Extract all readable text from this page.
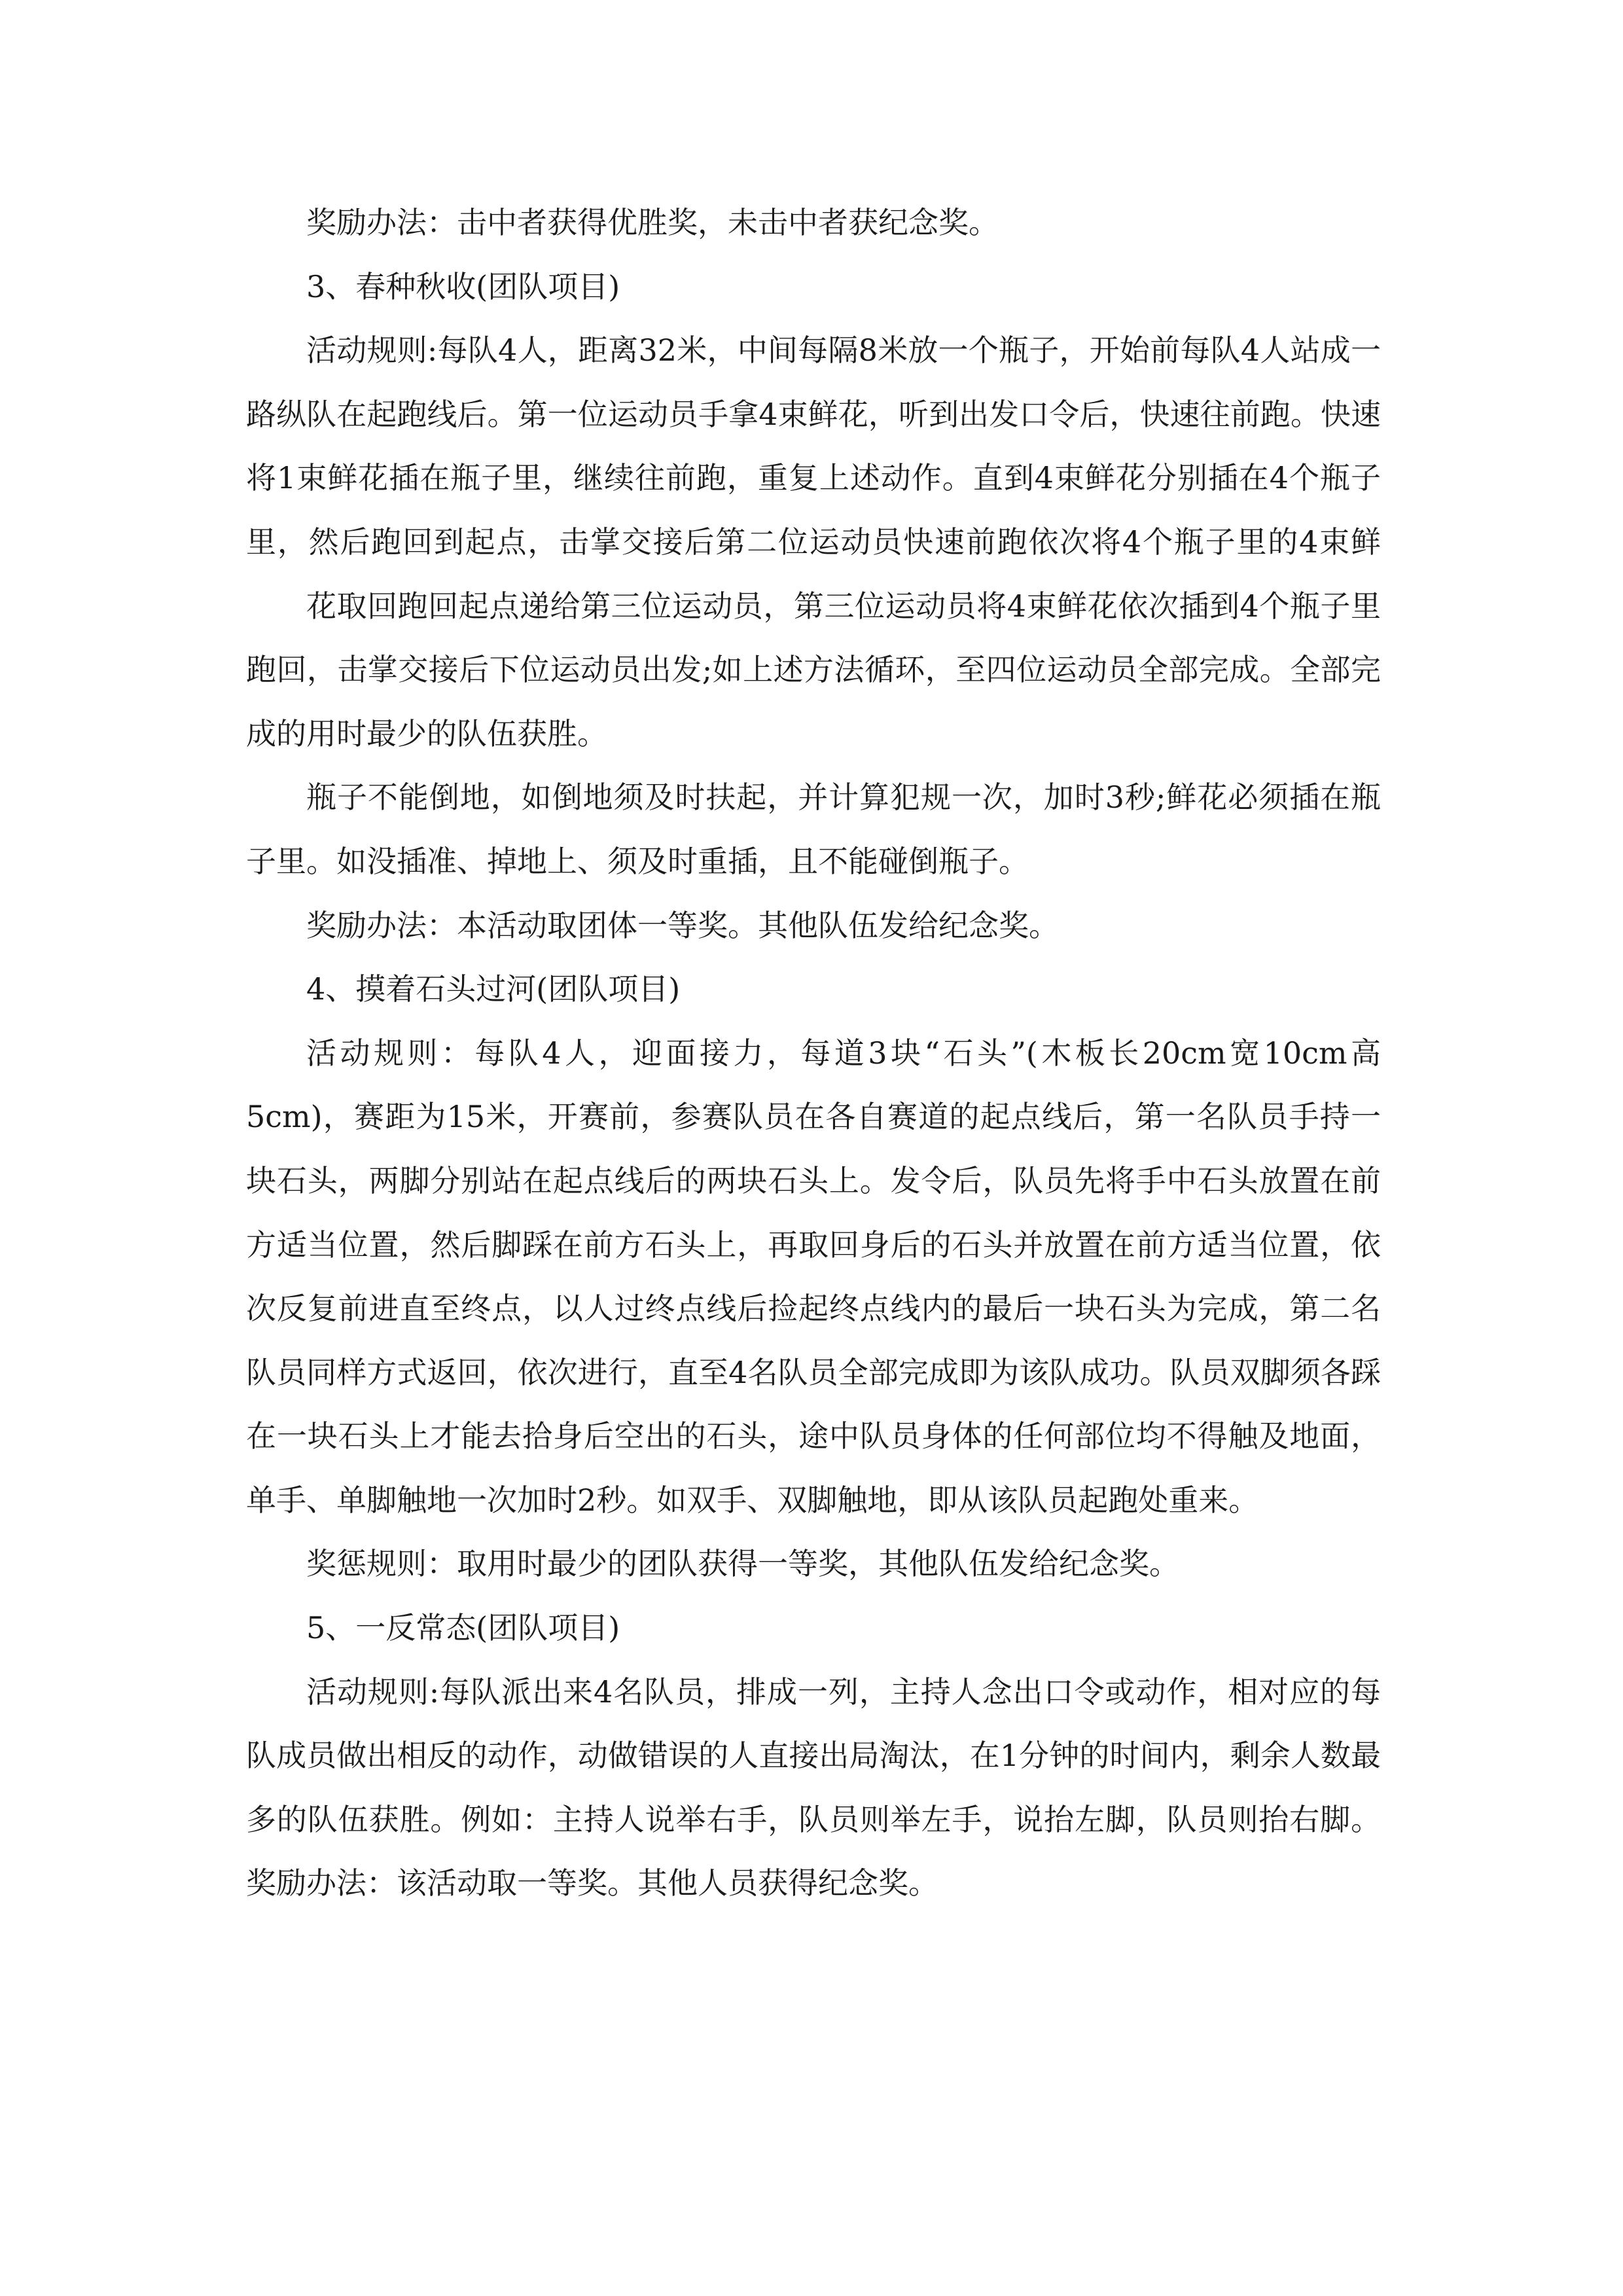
奖励办法：击中者获得优胜奖，未击中者获纪念奖。

3、春种秋收(团队项目)

活动规则:每队4人，距离32米，中间每隔8米放一个瓶子，开始前每队4人站成一路纵队在起跑线后。第一位运动员手拿4束鲜花，听到出发口令后，快速往前跑。快速将1束鲜花插在瓶子里，继续往前跑，重复上述动作。直到4束鲜花分别插在4个瓶子里，然后跑回到起点，击掌交接后第二位运动员快速前跑依次将4个瓶子里的4束鲜

花取回跑回起点递给第三位运动员，第三位运动员将4束鲜花依次插到4个瓶子里跑回，击掌交接后下位运动员出发;如上述方法循环，至四位运动员全部完成。全部完成的用时最少的队伍获胜。

瓶子不能倒地，如倒地须及时扶起，并计算犯规一次，加时3秒;鲜花必须插在瓶子里。如没插准、掉地上、须及时重插，且不能碰倒瓶子。

奖励办法：本活动取团体一等奖。其他队伍发给纪念奖。

4、摸着石头过河(团队项目)

活动规则：每队4人，迎面接力，每道3块“石头”(木板长20cm宽10cm高5cm)，赛距为15米，开赛前，参赛队员在各自赛道的起点线后，第一名队员手持一块石头，两脚分别站在起点线后的两块石头上。发令后，队员先将手中石头放置在前方适当位置，然后脚踩在前方石头上，再取回身后的石头并放置在前方适当位置，依次反复前进直至终点，以人过终点线后捡起终点线内的最后一块石头为完成，第二名队员同样方式返回，依次进行，直至4名队员全部完成即为该队成功。队员双脚须各踩在一块石头上才能去拾身后空出的石头，途中队员身体的任何部位均不得触及地面，单手、单脚触地一次加时2秒。如双手、双脚触地，即从该队员起跑处重来。

奖惩规则：取用时最少的团队获得一等奖，其他队伍发给纪念奖。

5、一反常态(团队项目)

活动规则:每队派出来4名队员，排成一列，主持人念出口令或动作，相对应的每队成员做出相反的动作，动做错误的人直接出局淘汰，在1分钟的时间内，剩余人数最多的队伍获胜。例如：主持人说举右手，队员则举左手，说抬左脚，队员则抬右脚。奖励办法：该活动取一等奖。其他人员获得纪念奖。
